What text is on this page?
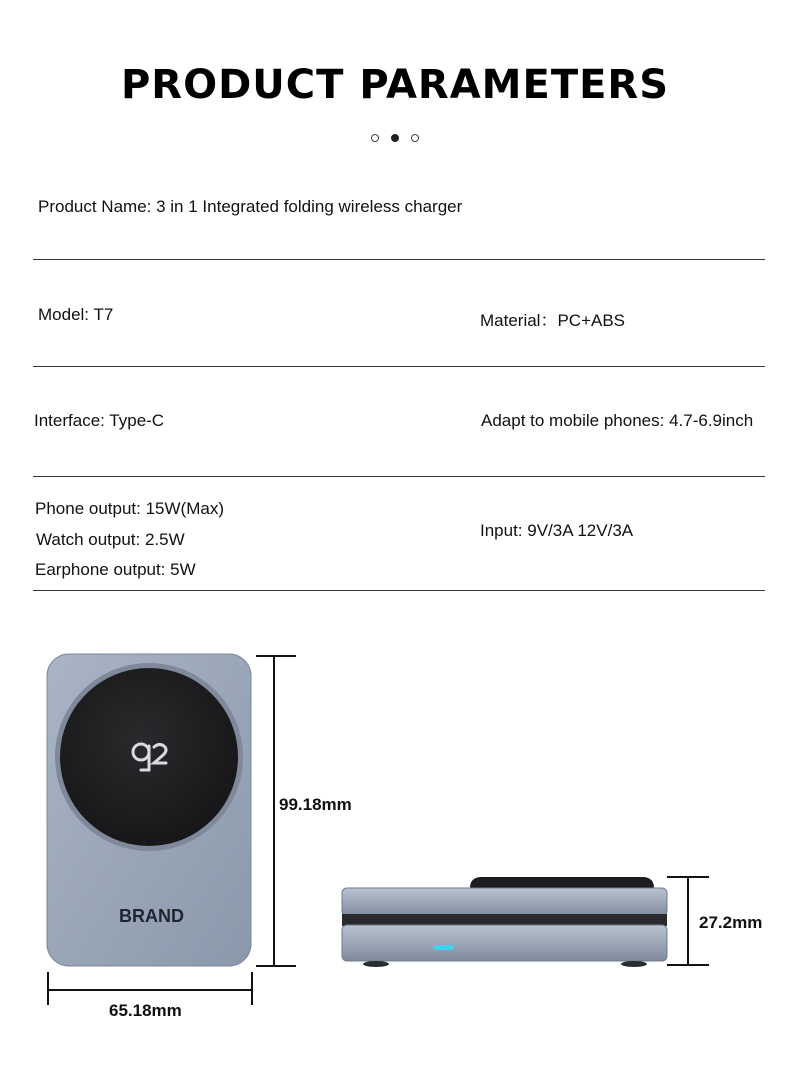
PRODUCT PARAMETERS
Product Name: 3 in 1 Integrated folding wireless charger
Model: T7	Material：PC+ABS
Interface: Type-C	Adapt to mobile phones: 4.7-6.9inch
Phone output: 15W(Max)
Watch output: 2.5W
Earphone output: 5W
Input: 9V/3A 12V/3A
BRAND
99.18mm
65.18mm
27.2mm
